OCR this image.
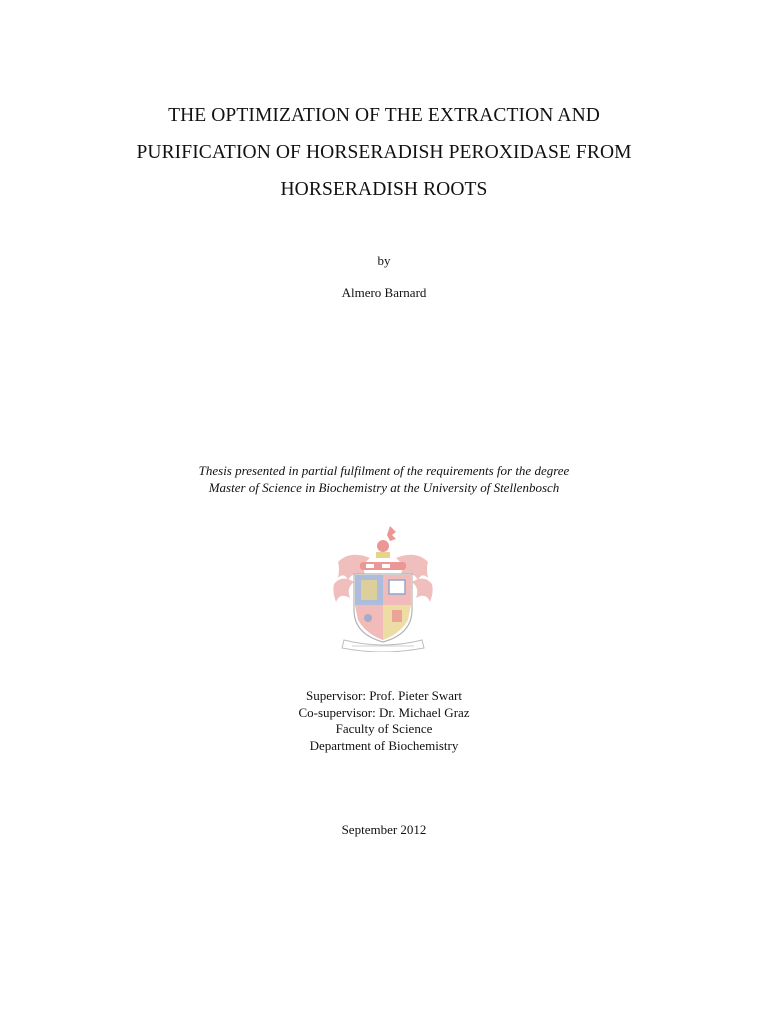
THE OPTIMIZATION OF THE EXTRACTION AND
PURIFICATION OF HORSERADISH PEROXIDASE FROM
HORSERADISH ROOTS
by
Almero Barnard
Thesis presented in partial fulfilment of the requirements for the degree
Master of Science in Biochemistry at the University of Stellenbosch
Supervisor: Prof. Pieter Swart
Co-supervisor: Dr. Michael Graz
Faculty of Science
Department of Biochemistry
September 2012
